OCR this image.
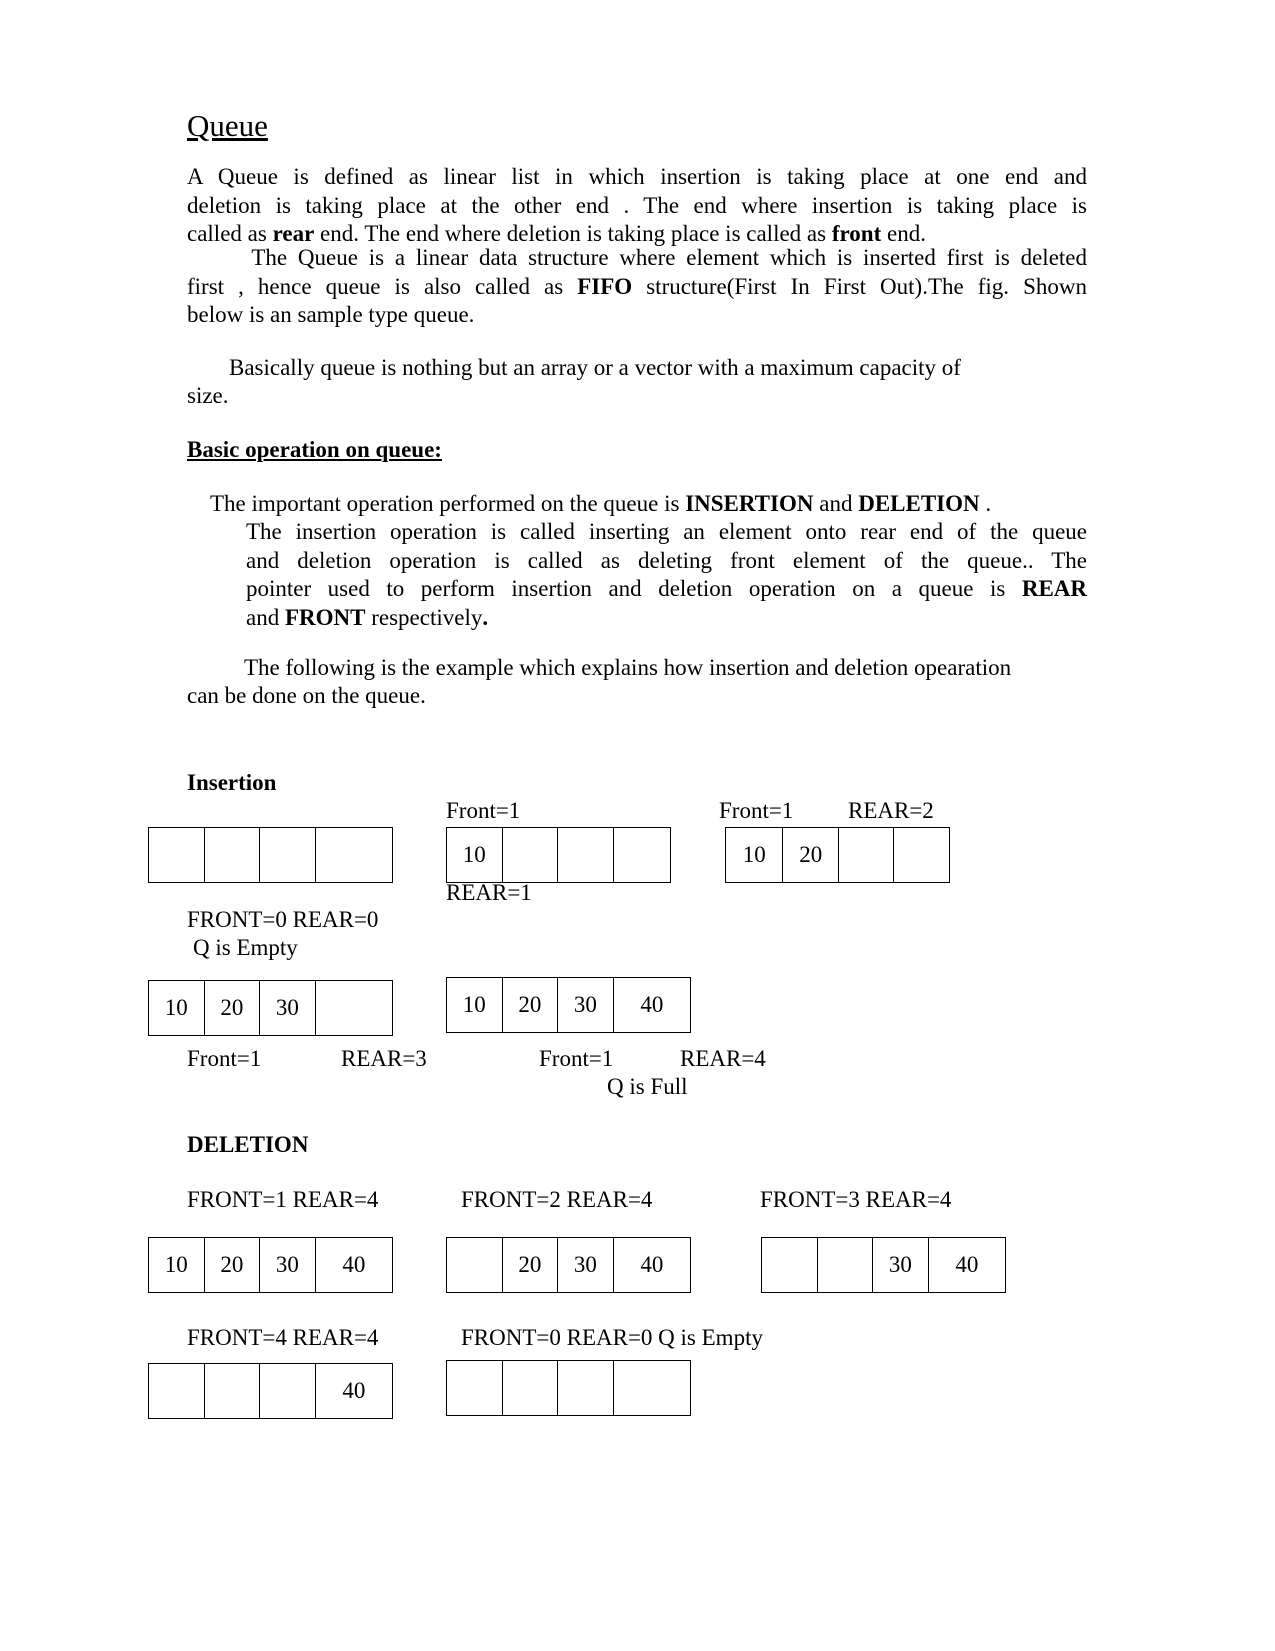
Queue
A Queue is defined as linear list in which insertion is taking place at one end and
deletion is taking place at the other end . The end where insertion is taking place is
called as rear end. The end where deletion is taking place is called as front end.
The Queue is a linear data structure where element which is inserted first is deleted
first , hence queue is also called as FIFO structure(First In First Out).The fig. Shown
below is an sample type queue.
Basically queue is nothing but an array or a vector with a maximum capacity of
size.
Basic operation on queue:
The important operation performed on the queue is INSERTION and DELETION .
The insertion operation is called inserting an element onto rear end of the queue
and deletion operation is called as deleting front element of the queue.. The
pointer used to perform insertion and deletion operation on a queue is REAR
and FRONT respectively.
The following is the example which explains how insertion and deletion opearation
can be done on the queue.
Insertion
Front=1	Front=1 REAR=2
10	10	20
REAR=1
FRONT=0 REAR=0
Q is Empty
10	20	30	10	20	30	40
Front=1	REAR=3	Front=1	REAR=4
Q is Full
DELETION
FRONT=1 REAR=4	FRONT=2 REAR=4	FRONT=3 REAR=4
10	20	30	40	20	30	40	30	40
FRONT=4 REAR=4	FRONT=0 REAR=0 Q is Empty
40
